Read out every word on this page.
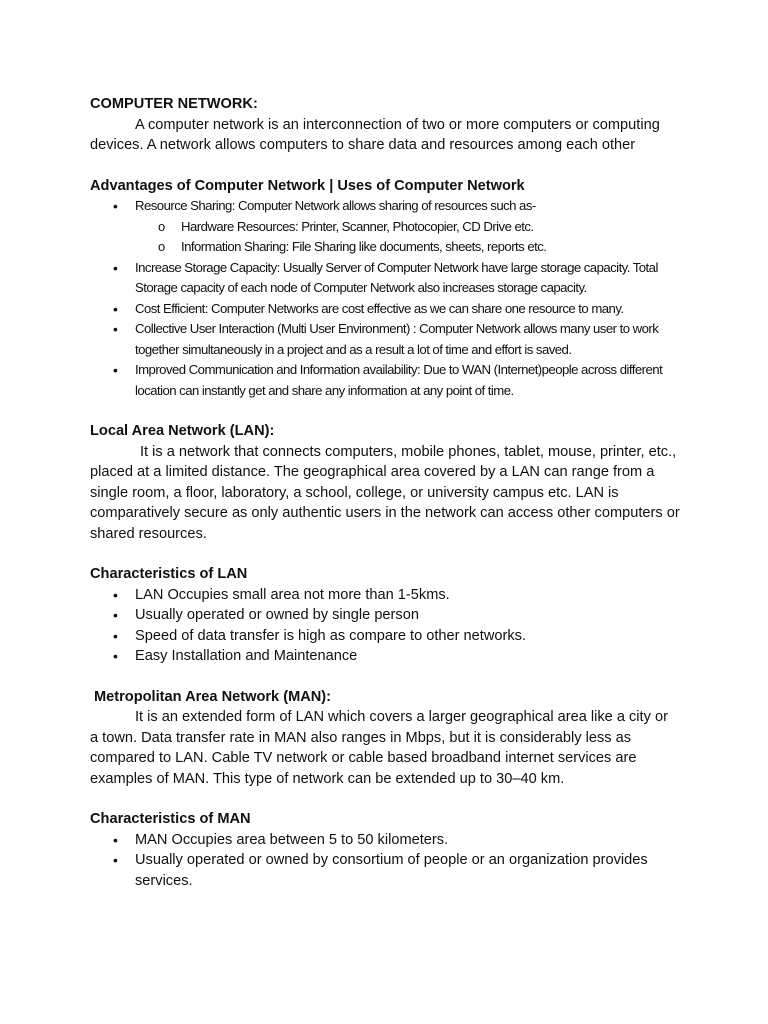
COMPUTER NETWORK:

A computer network is an interconnection of two or more computers or computing devices. A network allows computers to share data and resources among each other

Advantages of Computer Network | Uses of Computer Network

• Resource Sharing: Computer Network allows sharing of resources such as-
o Hardware Resources: Printer, Scanner, Photocopier, CD Drive etc.
o Information Sharing: File Sharing like documents, sheets, reports etc.
• Increase Storage Capacity: Usually Server of Computer Network have large storage capacity. Total Storage capacity of each node of Computer Network also increases storage capacity.
• Cost Efficient: Computer Networks are cost effective as we can share one resource to many.
• Collective User Interaction (Multi User Environment) : Computer Network allows many user to work together simultaneously in a project and as a result a lot of time and effort is saved.
• Improved Communication and Information availability: Due to WAN (Internet)people across different location can instantly get and share any information at any point of time.

Local Area Network (LAN):

It is a network that connects computers, mobile phones, tablet, mouse, printer, etc., placed at a limited distance. The geographical area covered by a LAN can range from a single room, a floor, laboratory, a school, college, or university campus etc. LAN is comparatively secure as only authentic users in the network can access other computers or shared resources.

Characteristics of LAN

• LAN Occupies small area not more than 1-5kms.
• Usually operated or owned by single person
• Speed of data transfer is high as compare to other networks.
• Easy Installation and Maintenance

Metropolitan Area Network (MAN):

It is an extended form of LAN which covers a larger geographical area like a city or a town. Data transfer rate in MAN also ranges in Mbps, but it is considerably less as compared to LAN. Cable TV network or cable based broadband internet services are examples of MAN. This type of network can be extended up to 30–40 km.

Characteristics of MAN

• MAN Occupies area between 5 to 50 kilometers.
• Usually operated or owned by consortium of people or an organization provides services.
